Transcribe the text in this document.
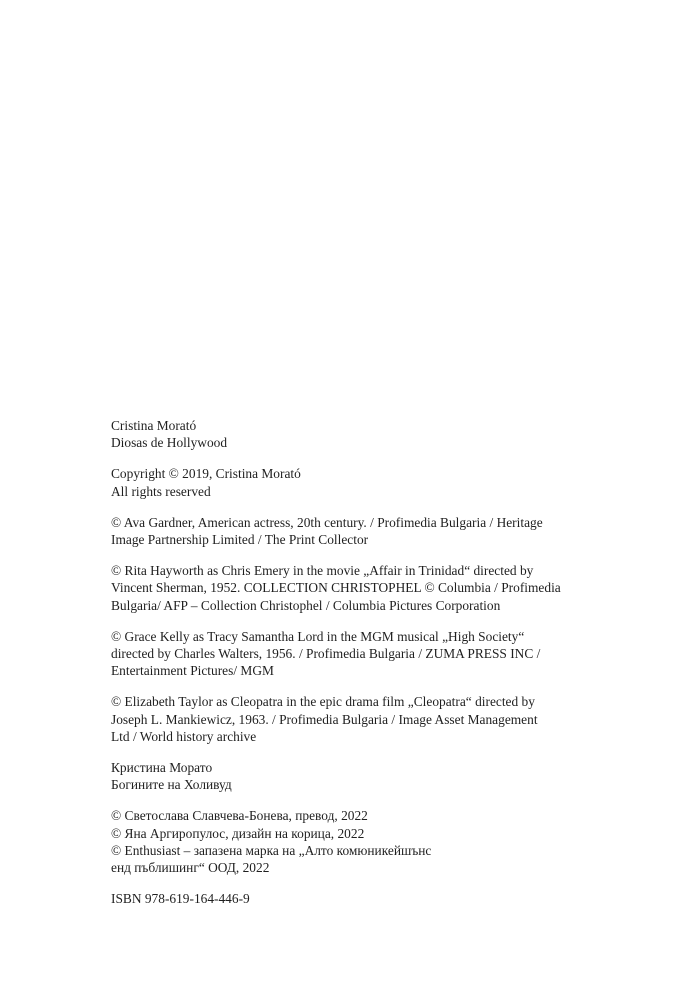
Cristina Morató
Diosas de Hollywood
Copyright © 2019, Cristina Morató
All rights reserved
© Ava Gardner, American actress, 20th century. / Profimedia Bulgaria / Heritage
Image Partnership Limited / The Print Collector
© Rita Hayworth as Chris Emery in the movie „Affair in Trinidad“ directed by
Vincent Sherman, 1952. COLLECTION CHRISTOPHEL © Columbia / Profimedia
Bulgaria/ AFP – Collection Christophel / Columbia Pictures Corporation
© Grace Kelly as Tracy Samantha Lord in the MGM musical „High Society“
directed by Charles Walters, 1956. / Profimedia Bulgaria / ZUMA PRESS INC /
Entertainment Pictures/ MGM
© Elizabeth Taylor as Cleopatra in the epic drama film „Cleopatra“ directed by
Joseph L. Mankiewicz, 1963. / Profimedia Bulgaria / Image Asset Management
Ltd / World history archive
Кристина Морато
Богините на Холивуд
© Светослава Славчева-Бонева, превод, 2022
© Яна Аргиропулос, дизайн на корица, 2022
© Enthusiast – запазена марка на „Алто комюникейшънс
енд пъблишинг“ ООД, 2022
ISBN 978-619-164-446-9
